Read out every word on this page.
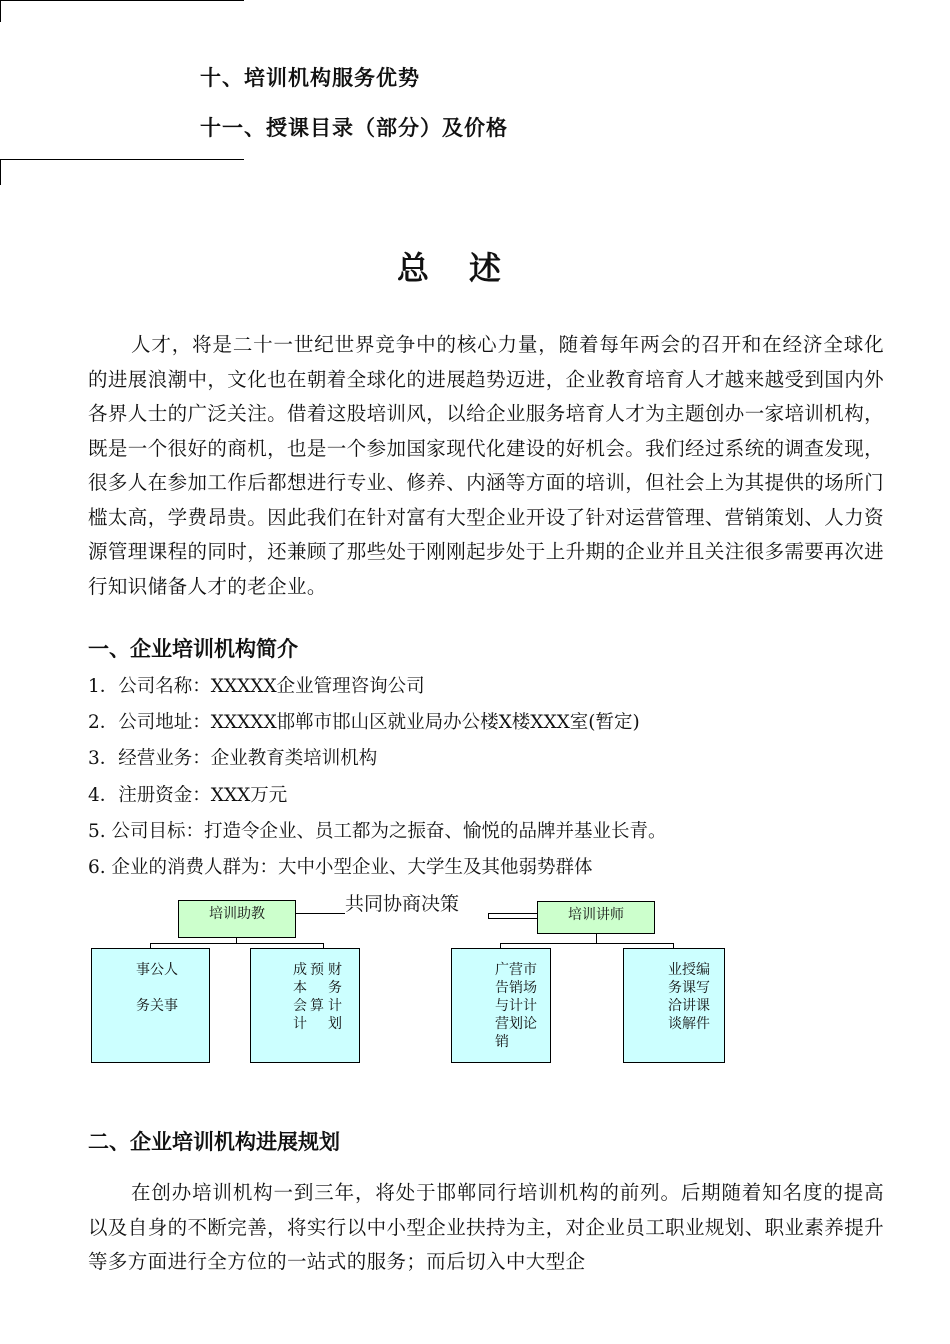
十、培训机构服务优势
十一、授课目录（部分）及价格
总 述
人才，将是二十一世纪世界竞争中的核心力量，随着每年两会的召开和在经济全球化的进展浪潮中，文化也在朝着全球化的进展趋势迈进，企业教育培育人才越来越受到国内外各界人士的广泛关注。借着这股培训风，以给企业服务培育人才为主题创办一家培训机构，既是一个很好的商机，也是一个参加国家现代化建设的好机会。我们经过系统的调查发现，很多人在参加工作后都想进行专业、修养、内涵等方面的培训，但社会上为其提供的场所门槛太高，学费昂贵。因此我们在针对富有大型企业开设了针对运营管理、营销策划、人力资源管理课程的同时，还兼顾了那些处于刚刚起步处于上升期的企业并且关注很多需要再次进行知识储备人才的老企业。
一、企业培训机构简介
1．公司名称：XXXXX企业管理咨询公司
2．公司地址：XXXXX邯郸市邯山区就业局办公楼X楼XXX室(暂定)
3．经营业务：企业教育类培训机构
4．注册资金：XXX万元
5. 公司目标：打造令企业、员工都为之振奋、愉悦的品牌并基业长青。
6. 企业的消费人群为：大中小型企业、大学生及其他弱势群体
共同协商决策
培训助教	培训讲师
事公人

务关事
成
本
会
计
预

算
财
务
计
划
广营市
告销场
与计计
营划论
销
业授编
务课写
洽讲课
谈解件
二、企业培训机构进展规划
在创办培训机构一到三年，将处于邯郸同行培训机构的前列。后期随着知名度的提高以及自身的不断完善，将实行以中小型企业扶持为主，对企业员工职业规划、职业素养提升等多方面进行全方位的一站式的服务；而后切入中大型企
